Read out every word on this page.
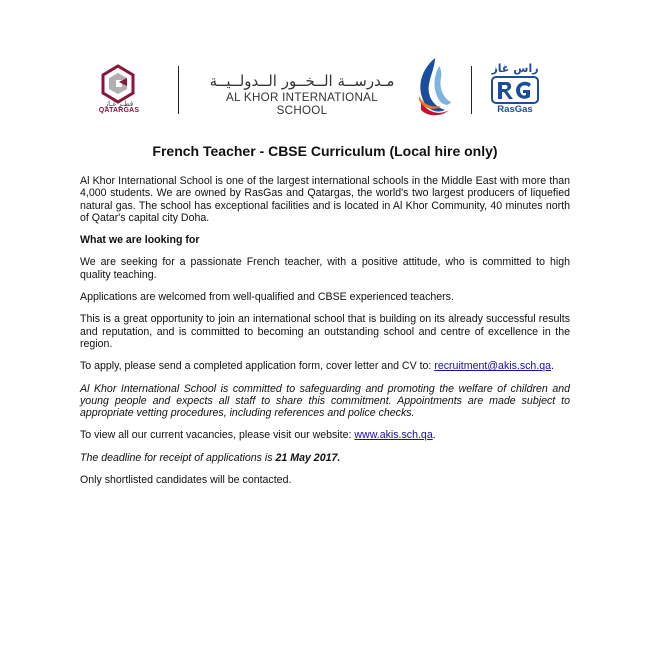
قطـر غـاز
QATARGAS
مـدرســة الــخــور الــدولــيــة
AL KHOR INTERNATIONAL SCHOOL
راس غاز
RasGas
French Teacher - CBSE Curriculum (Local hire only)

Al Khor International School is one of the largest international schools in the Middle East with more than 4,000 students. We are owned by RasGas and Qatargas, the world's two largest producers of liquefied natural gas. The school has exceptional facilities and is located in Al Khor Community, 40 minutes north of Qatar's capital city Doha.

What we are looking for

We are seeking for a passionate French teacher, with a positive attitude, who is committed to high quality teaching.

Applications are welcomed from well-qualified and CBSE experienced teachers.

This is a great opportunity to join an international school that is building on its already successful results and reputation, and is committed to becoming an outstanding school and centre of excellence in the region.

To apply, please send a completed application form, cover letter and CV to: recruitment@akis.sch.qa.

Al Khor International School is committed to safeguarding and promoting the welfare of children and young people and expects all staff to share this commitment. Appointments are made subject to appropriate vetting procedures, including references and police checks.

To view all our current vacancies, please visit our website: www.akis.sch.qa.

The deadline for receipt of applications is 21 May 2017.

Only shortlisted candidates will be contacted.
